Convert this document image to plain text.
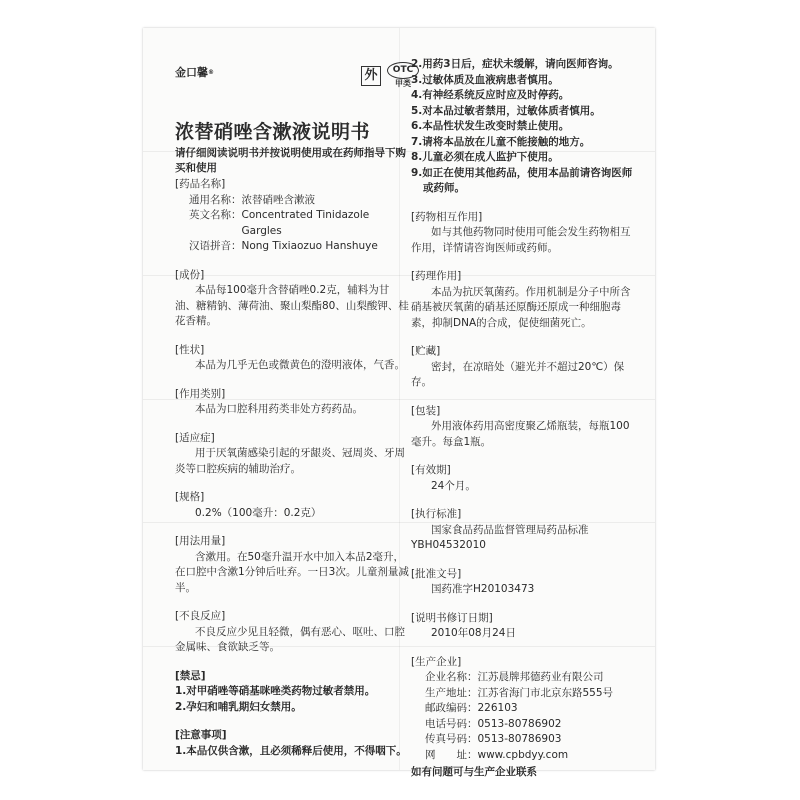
金口馨 ®	外	OTC
甲类
浓替硝唑含漱液说明书
请仔细阅读说明书并按说明使用或在药师指导下购买和使用
[药品名称]
通用名称： 浓替硝唑含漱液
英文名称： Concentrated Tinidazole Gargles
汉语拼音： Nong Tixiaozuo Hanshuye
[成份]
本品每100毫升含替硝唑0.2克，辅料为甘油、糖精钠、薄荷油、聚山梨酯80、山梨酸钾、桂花香精。
[性状]
本品为几乎无色或微黄色的澄明液体，气香。
[作用类别]
本品为口腔科用药类非处方药药品。
[适应症]
用于厌氧菌感染引起的牙龈炎、冠周炎、牙周炎等口腔疾病的辅助治疗。
[规格]
0.2%（100毫升：0.2克）
[用法用量]
含漱用。在50毫升温开水中加入本品2毫升，在口腔中含漱1分钟后吐弃。一日3次。儿童剂量减半。
[不良反应]
不良反应少见且轻微，偶有恶心、呕吐、口腔金属味、食欲缺乏等。
[禁忌]
1.对甲硝唑等硝基咪唑类药物过敏者禁用。
2.孕妇和哺乳期妇女禁用。
[注意事项]
1.本品仅供含漱，且必须稀释后使用，不得咽下。
2.用药3日后，症状未缓解，请向医师咨询。
3.过敏体质及血液病患者慎用。
4.有神经系统反应时应及时停药。
5.对本品过敏者禁用，过敏体质者慎用。
6.本品性状发生改变时禁止使用。
7.请将本品放在儿童不能接触的地方。
8.儿童必须在成人监护下使用。
9.如正在使用其他药品，使用本品前请咨询医师或药师。
[药物相互作用]
如与其他药物同时使用可能会发生药物相互作用，详情请咨询医师或药师。
[药理作用]
本品为抗厌氧菌药。作用机制是分子中所含硝基被厌氧菌的硝基还原酶还原成一种细胞毒素，抑制DNA的合成，促使细菌死亡。
[贮藏]
密封，在凉暗处（避光并不超过20℃）保存。
[包装]
外用液体药用高密度聚乙烯瓶装，每瓶100毫升。每盒1瓶。
[有效期]
24个月。
[执行标准]
国家食品药品监督管理局药品标准YBH04532010
[批准文号]
国药准字H20103473
[说明书修订日期]
2010年08月24日
[生产企业]
企业名称： 江苏晨牌邦德药业有限公司
生产地址： 江苏省海门市北京东路555号
邮政编码： 226103
电话号码： 0513-80786902
传真号码： 0513-80786903
网　　址： www.cpbdyy.com
如有问题可与生产企业联系
